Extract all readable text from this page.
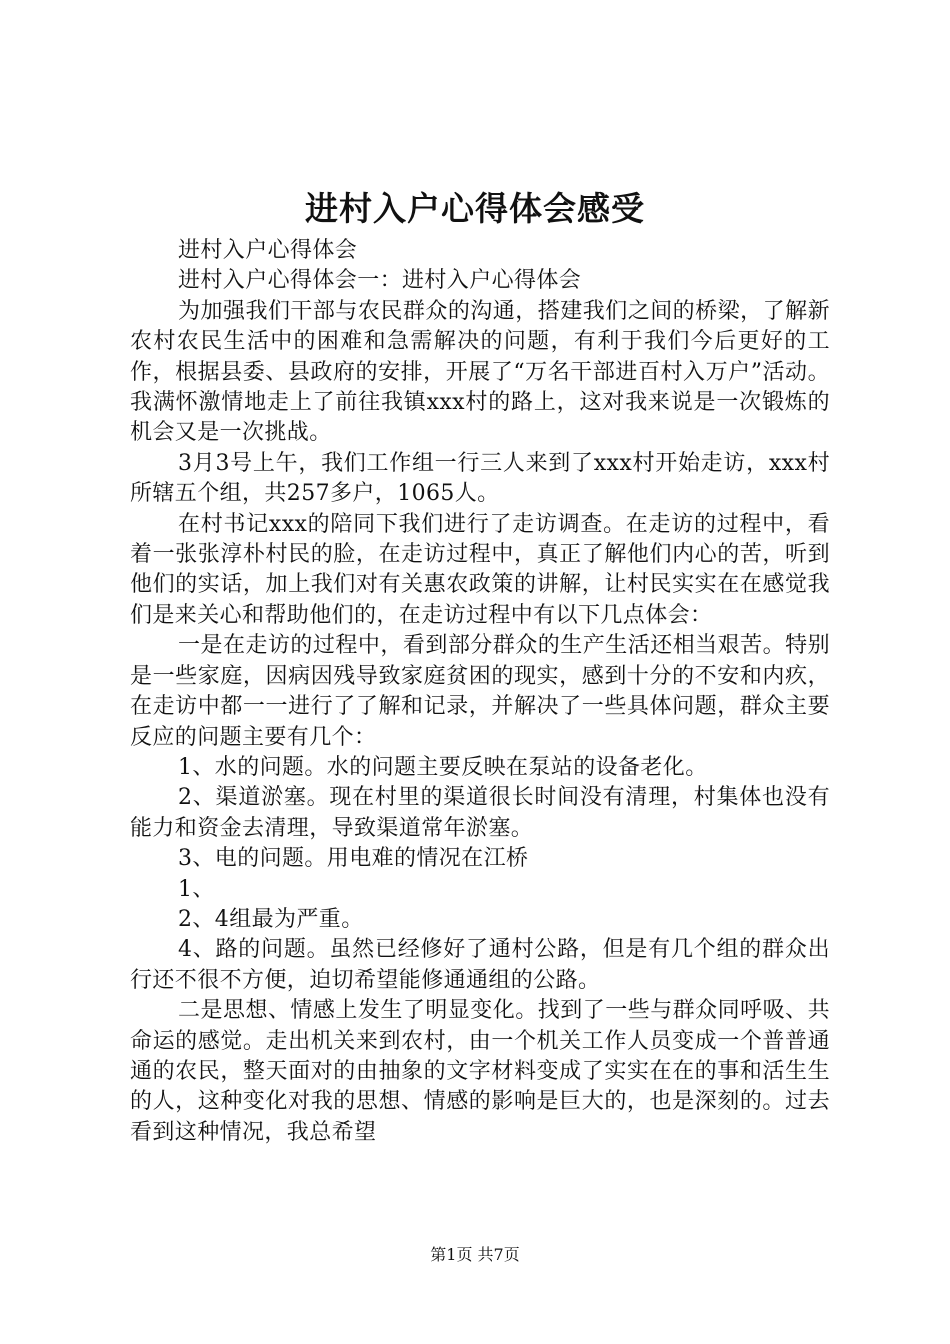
进村入户心得体会感受

进村入户心得体会

进村入户心得体会一：进村入户心得体会

为加强我们干部与农民群众的沟通，搭建我们之间的桥梁，了解新农村农民生活中的困难和急需解决的问题，有利于我们今后更好的工作，根据县委、县政府的安排，开展了“万名干部进百村入万户”活动。我满怀激情地走上了前往我镇xxx村的路上，这对我来说是一次锻炼的机会又是一次挑战。

3月3号上午，我们工作组一行三人来到了xxx村开始走访，xxx村所辖五个组，共257多户，1065人。

在村书记xxx的陪同下我们进行了走访调查。在走访的过程中，看着一张张淳朴村民的脸，在走访过程中，真正了解他们内心的苦，听到他们的实话，加上我们对有关惠农政策的讲解，让村民实实在在感觉我们是来关心和帮助他们的，在走访过程中有以下几点体会：

一是在走访的过程中，看到部分群众的生产生活还相当艰苦。特别是一些家庭，因病因残导致家庭贫困的现实，感到十分的不安和内疚，在走访中都一一进行了了解和记录，并解决了一些具体问题，群众主要反应的问题主要有几个：

1、水的问题。水的问题主要反映在泵站的设备老化。

2、渠道淤塞。现在村里的渠道很长时间没有清理，村集体也没有能力和资金去清理，导致渠道常年淤塞。

3、电的问题。用电难的情况在江桥

1、

2、4组最为严重。

4、路的问题。虽然已经修好了通村公路，但是有几个组的群众出行还不很不方便，迫切希望能修通通组的公路。

二是思想、情感上发生了明显变化。找到了一些与群众同呼吸、共命运的感觉。走出机关来到农村，由一个机关工作人员变成一个普普通通的农民，整天面对的由抽象的文字材料变成了实实在在的事和活生生的人，这种变化对我的思想、情感的影响是巨大的，也是深刻的。过去看到这种情况，我总希望

第1页 共7页
